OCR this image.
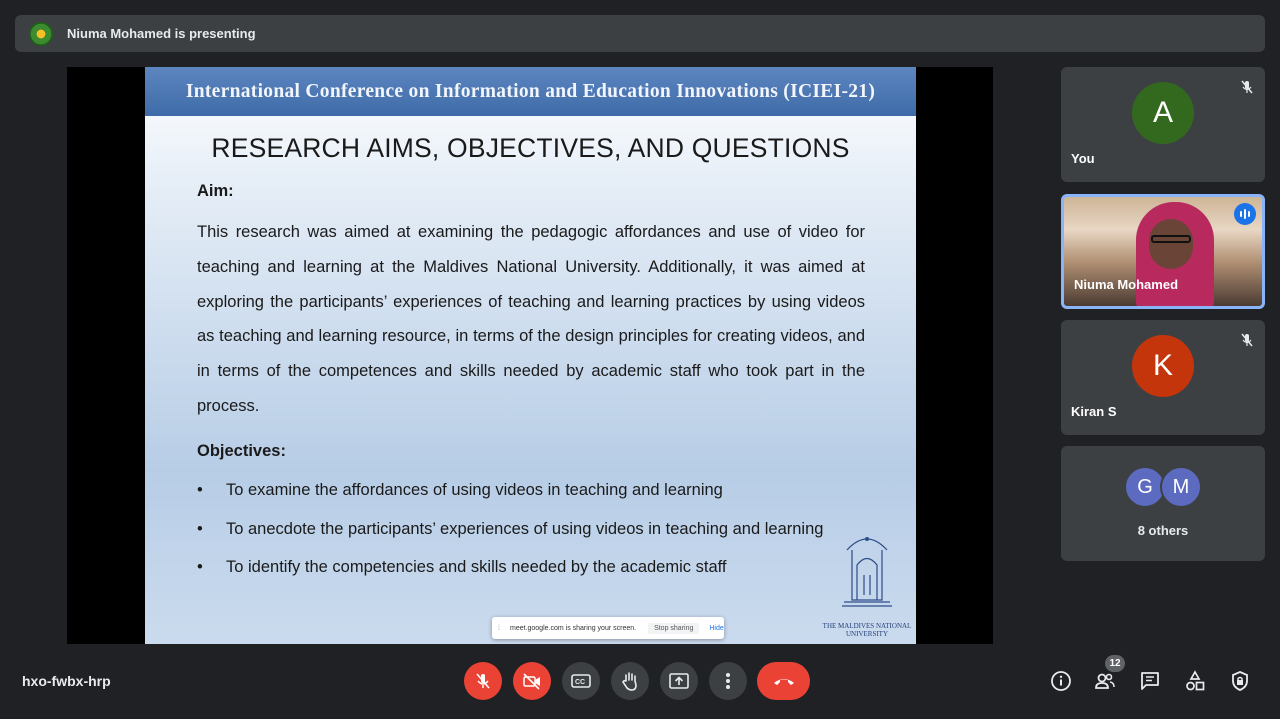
Niuma Mohamed is presenting
International Conference on Information and Education Innovations (ICIEI-21)
RESEARCH AIMS, OBJECTIVES, AND QUESTIONS
Aim:
This research was aimed at examining the pedagogic affordances and use of video for teaching and learning at the Maldives National University. Additionally, it was aimed at exploring the participants’ experiences of teaching and learning practices by using videos as teaching and learning resource, in terms of the design principles for creating videos, and in terms of the competences and skills needed by academic staff who took part in the process.
Objectives:
• To examine the affordances of using videos in teaching and learning
• To anecdote the participants’ experiences of using videos in teaching and learning
• To identify the competencies and skills needed by the academic staff
THE MALDIVES NATIONAL UNIVERSITY
⁞	meet.google.com is sharing your screen.	Stop sharing	Hide
A
You
Niuma Mohamed
K
Kiran S
G M
8 others
hxo-fwbx-hrp	CC
12
